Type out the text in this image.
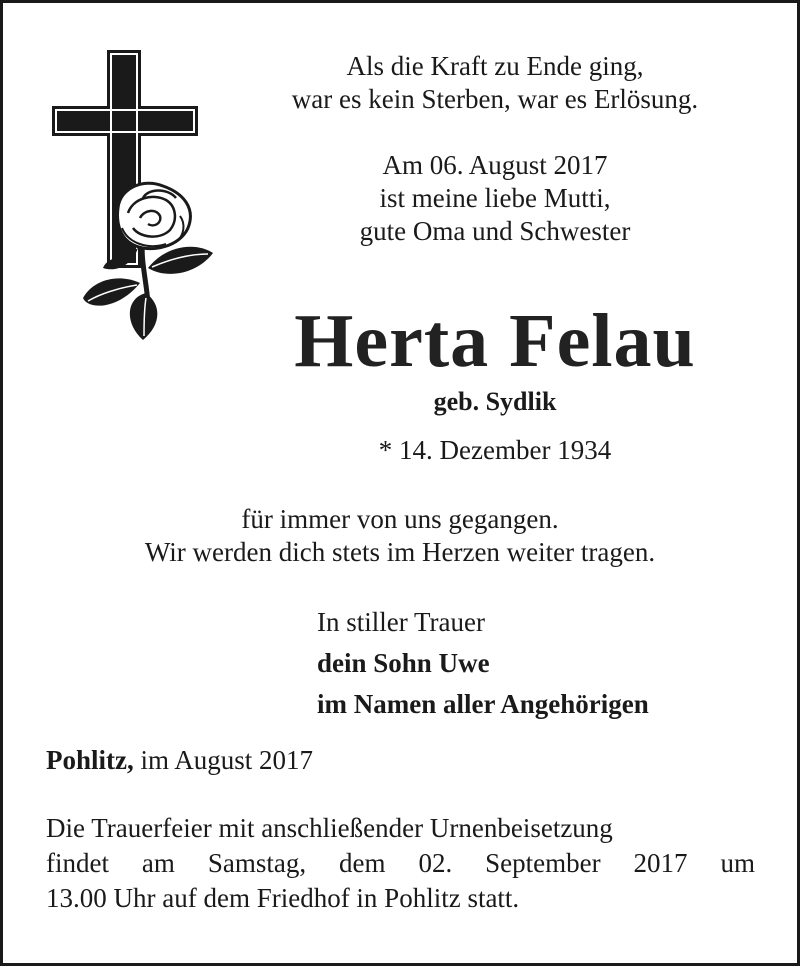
Als die Kraft zu Ende ging,
war es kein Sterben, war es Erlösung.
Am 06. August 2017
ist meine liebe Mutti,
gute Oma und Schwester
Herta Felau
geb. Sydlik
* 14. Dezember 1934
für immer von uns gegangen.
Wir werden dich stets im Herzen weiter tragen.
In stiller Trauer
dein Sohn Uwe
im Namen aller Angehörigen
Pohlitz, im August 2017
Die Trauerfeier mit anschließender Urnenbeisetzung
findet am Samstag, dem 02. September 2017 um
13.00 Uhr auf dem Friedhof in Pohlitz statt.
